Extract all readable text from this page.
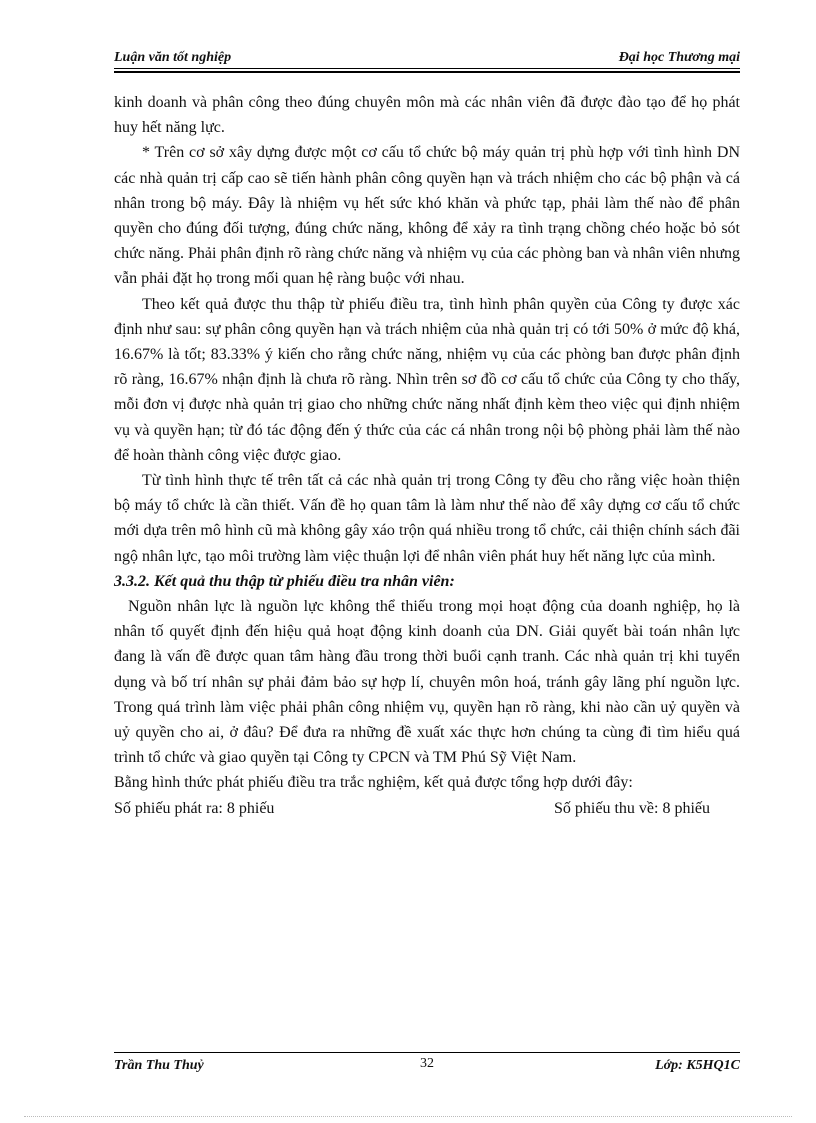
Luận văn tốt nghiệp	Đại học Thương mại

kinh doanh và phân công theo đúng chuyên môn mà các nhân viên đã được đào tạo để họ phát huy hết năng lực.

* Trên cơ sở xây dựng được một cơ cấu tổ chức bộ máy quản trị phù hợp với tình hình DN các nhà quản trị cấp cao sẽ tiến hành phân công quyền hạn và trách nhiệm cho các bộ phận và cá nhân trong bộ máy. Đây là nhiệm vụ hết sức khó khăn và phức tạp, phải làm thế nào để phân quyền cho đúng đối tượng, đúng chức năng, không để xảy ra tình trạng chồng chéo hoặc bỏ sót chức năng. Phải phân định rõ ràng chức năng và nhiệm vụ của các phòng ban và nhân viên nhưng vẫn phải đặt họ trong mối quan hệ ràng buộc với nhau.

Theo kết quả được thu thập từ phiếu điều tra, tình hình phân quyền của Công ty được xác định như sau: sự phân công quyền hạn và trách nhiệm của nhà quản trị có tới 50% ở mức độ khá, 16.67% là tốt; 83.33% ý kiến cho rằng chức năng, nhiệm vụ của các phòng ban được phân định rõ ràng, 16.67% nhận định là chưa rõ ràng. Nhìn trên sơ đồ cơ cấu tổ chức của Công ty cho thấy, mỗi đơn vị được nhà quản trị giao cho những chức năng nhất định kèm theo việc qui định nhiệm vụ và quyền hạn; từ đó tác động đến ý thức của các cá nhân trong nội bộ phòng phải làm thế nào để hoàn thành công việc được giao.

Từ tình hình thực tế trên tất cả các nhà quản trị trong Công ty đều cho rằng việc hoàn thiện bộ máy tổ chức là cần thiết. Vấn đề họ quan tâm là làm như thế nào để xây dựng cơ cấu tổ chức mới dựa trên mô hình cũ mà không gây xáo trộn quá nhiều trong tổ chức, cải thiện chính sách đãi ngộ nhân lực, tạo môi trường làm việc thuận lợi để nhân viên phát huy hết năng lực của mình.

3.3.2. Kết quả thu thập từ phiếu điều tra nhân viên:

Nguồn nhân lực là nguồn lực không thể thiếu trong mọi hoạt động của doanh nghiệp, họ là nhân tố quyết định đến hiệu quả hoạt động kinh doanh của DN. Giải quyết bài toán nhân lực đang là vấn đề được quan tâm hàng đầu trong thời buổi cạnh tranh. Các nhà quản trị khi tuyển dụng và bố trí nhân sự phải đảm bảo sự hợp lí, chuyên môn hoá, tránh gây lãng phí nguồn lực. Trong quá trình làm việc phải phân công nhiệm vụ, quyền hạn rõ ràng, khi nào cần uỷ quyền và uỷ quyền cho ai, ở đâu? Để đưa ra những đề xuất xác thực hơn chúng ta cùng đi tìm hiểu quá trình tổ chức và giao quyền tại Công ty CPCN và TM Phú Sỹ Việt Nam.

Bằng hình thức phát phiếu điều tra trắc nghiệm, kết quả được tổng hợp dưới đây:

Số phiếu phát ra: 8 phiếu	Số phiếu thu về: 8 phiếu
Trần Thu Thuỷ	32	Lớp: K5HQ1C
